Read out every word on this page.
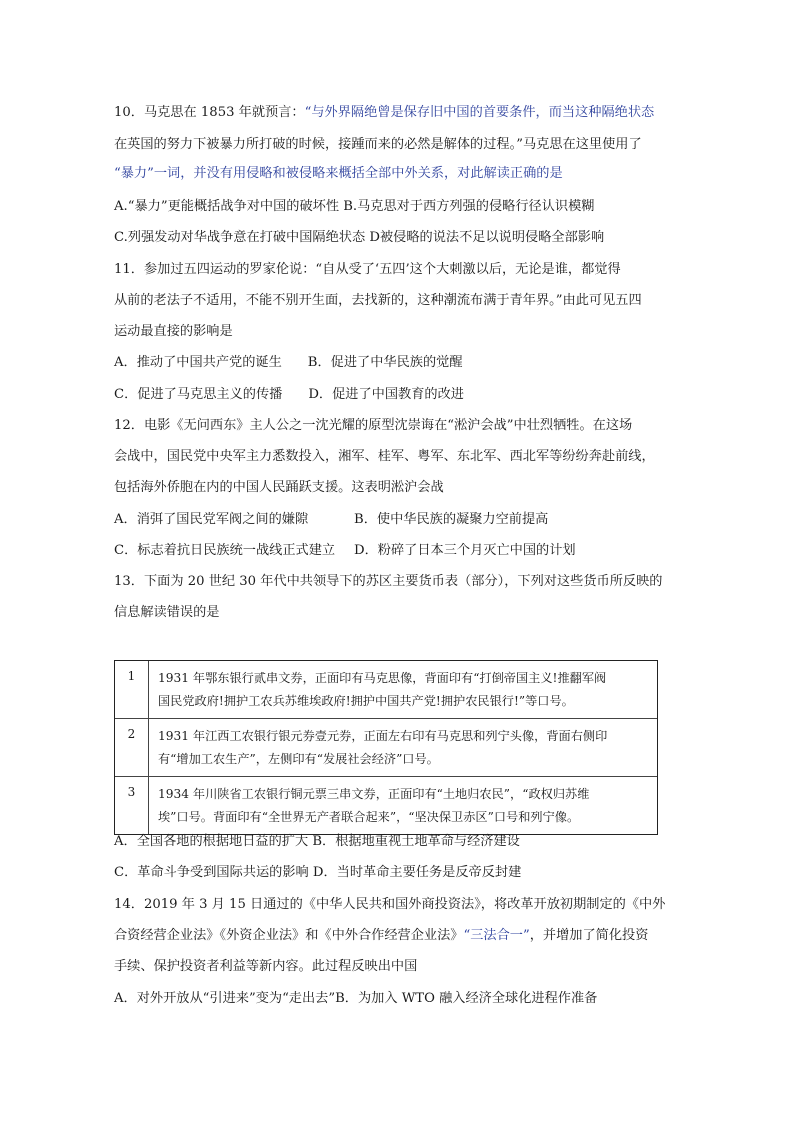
10．马克思在 1853 年就预言：“与外界隔绝曾是保存旧中国的首要条件，而当这种隔绝状态
在英国的努力下被暴力所打破的时候，接踵而来的必然是解体的过程。”马克思在这里使用了
“暴力”一词，并没有用侵略和被侵略来概括全部中外关系，对此解读正确的是
A.“暴力”更能概括战争对中国的破坏性 B.马克思对于西方列强的侵略行径认识模糊
C.列强发动对华战争意在打破中国隔绝状态 D被侵略的说法不足以说明侵略全部影响
11．参加过五四运动的罗家伦说：“自从受了‘五四’这个大刺激以后，无论是谁，都觉得
从前的老法子不适用，不能不别开生面，去找新的，这种潮流布满于青年界。”由此可见五四
运动最直接的影响是
A．推动了中国共产党的诞生 B．促进了中华民族的觉醒
C．促进了马克思主义的传播 D．促进了中国教育的改进
12．电影《无问西东》主人公之一沈光耀的原型沈崇诲在“淞沪会战”中壮烈牺牲。在这场
会战中，国民党中央军主力悉数投入，湘军、桂军、粤军、东北军、西北军等纷纷奔赴前线，
包括海外侨胞在内的中国人民踊跃支援。这表明淞沪会战
A．消弭了国民党军阀之间的嫌隙	B．使中华民族的凝聚力空前提高
C．标志着抗日民族统一战线正式建立 D．粉碎了日本三个月灭亡中国的计划
13．下面为 20 世纪 30 年代中共领导下的苏区主要货币表（部分），下列对这些货币所反映的
信息解读错误的是
1	1931 年鄂东银行贰串文券，正面印有马克思像，背面印有“打倒帝国主义!推翻军阀
国民党政府!拥护工农兵苏维埃政府!拥护中国共产党!拥护农民银行!”等口号。
2	1931 年江西工农银行银元券壹元券，正面左右印有马克思和列宁头像，背面右侧印
有“增加工农生产”，左侧印有“发展社会经济”口号。
3	1934 年川陕省工农银行铜元票三串文券，正面印有“土地归农民”，“政权归苏维
埃”口号。背面印有“全世界无产者联合起来”，“坚决保卫赤区”口号和列宁像。
A．全国各地的根据地日益的扩大 B．根据地重视土地革命与经济建设
C．革命斗争受到国际共运的影响 D．当时革命主要任务是反帝反封建
14．2019 年 3 月 15 日通过的《中华人民共和国外商投资法》，将改革开放初期制定的《中外
合资经营企业法》《外资企业法》和《中外合作经营企业法》“三法合一”，并增加了简化投资
手续、保护投资者利益等新内容。此过程反映出中国
A．对外开放从“引进来”变为“走出去”B．为加入 WTO 融入经济全球化进程作准备
